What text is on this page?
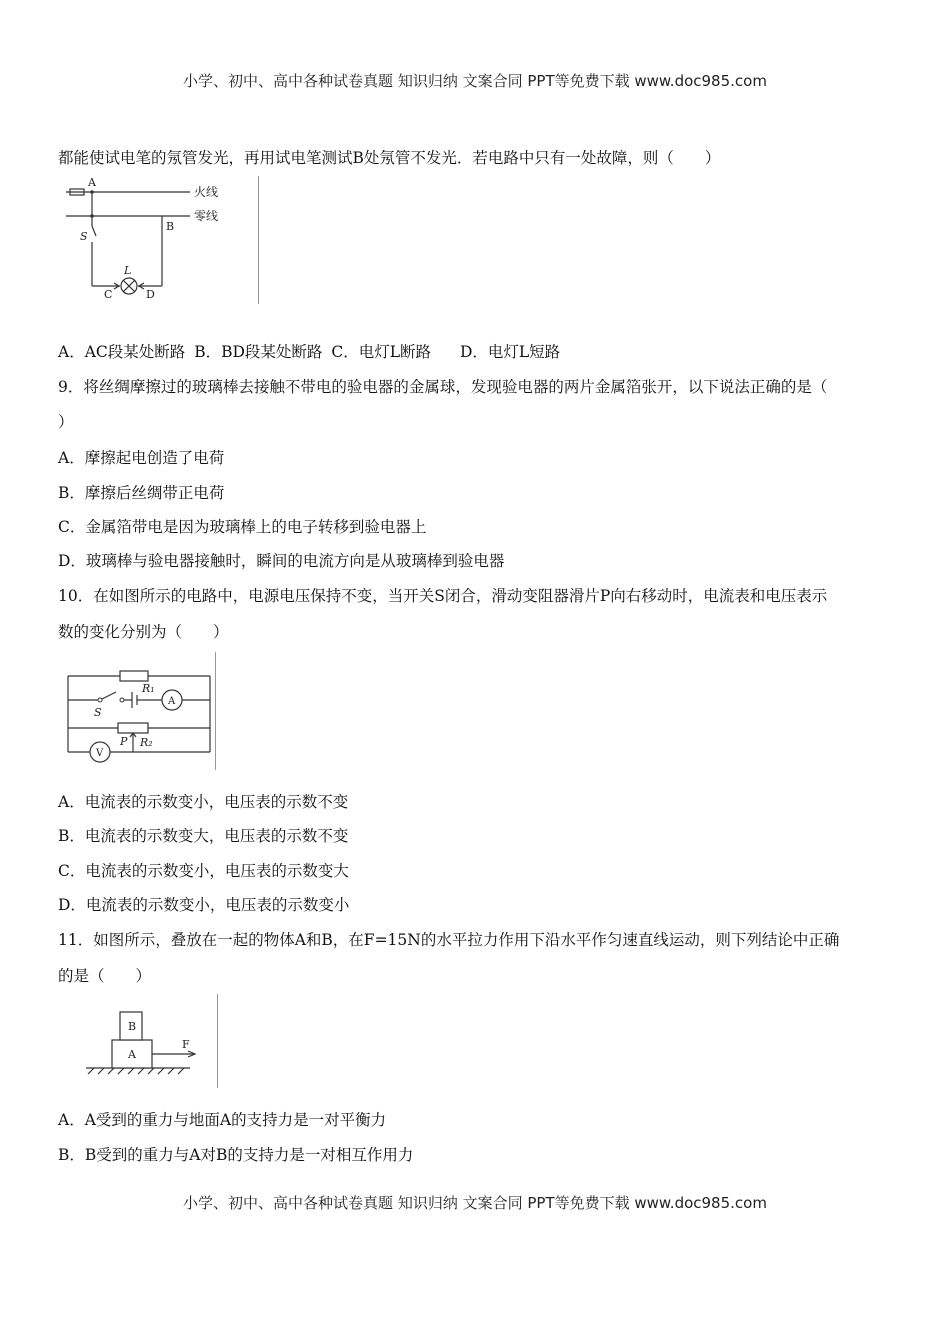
小学、初中、高中各种试卷真题 知识归纳 文案合同 PPT等免费下载 www.doc985.com
都能使试电笔的氖管发光，再用试电笔测试B处氖管不发光．若电路中只有一处故障，则（　　）
A
火线
零线
B
S
L
C	D
A．AC段某处断路 B．BD段某处断路 C．电灯L断路 D．电灯L短路
9．将丝绸摩擦过的玻璃棒去接触不带电的验电器的金属球，发现验电器的两片金属箔张开，以下说法正确的是（
）
A．摩擦起电创造了电荷
B．摩擦后丝绸带正电荷
C．金属箔带电是因为玻璃棒上的电子转移到验电器上
D．玻璃棒与验电器接触时，瞬间的电流方向是从玻璃棒到验电器
10．在如图所示的电路中，电源电压保持不变，当开关S闭合，滑动变阻器滑片P向右移动时，电流表和电压表示
数的变化分别为（　　）
R₁
A
S
P R₂
V
A．电流表的示数变小，电压表的示数不变
B．电流表的示数变大，电压表的示数不变
C．电流表的示数变小，电压表的示数变大
D．电流表的示数变小，电压表的示数变小
11．如图所示，叠放在一起的物体A和B，在F=15N的水平拉力作用下沿水平作匀速直线运动，则下列结论中正确
的是（　　）
A
B
F
A．A受到的重力与地面A的支持力是一对平衡力
B．B受到的重力与A对B的支持力是一对相互作用力
小学、初中、高中各种试卷真题 知识归纳 文案合同 PPT等免费下载 www.doc985.com
